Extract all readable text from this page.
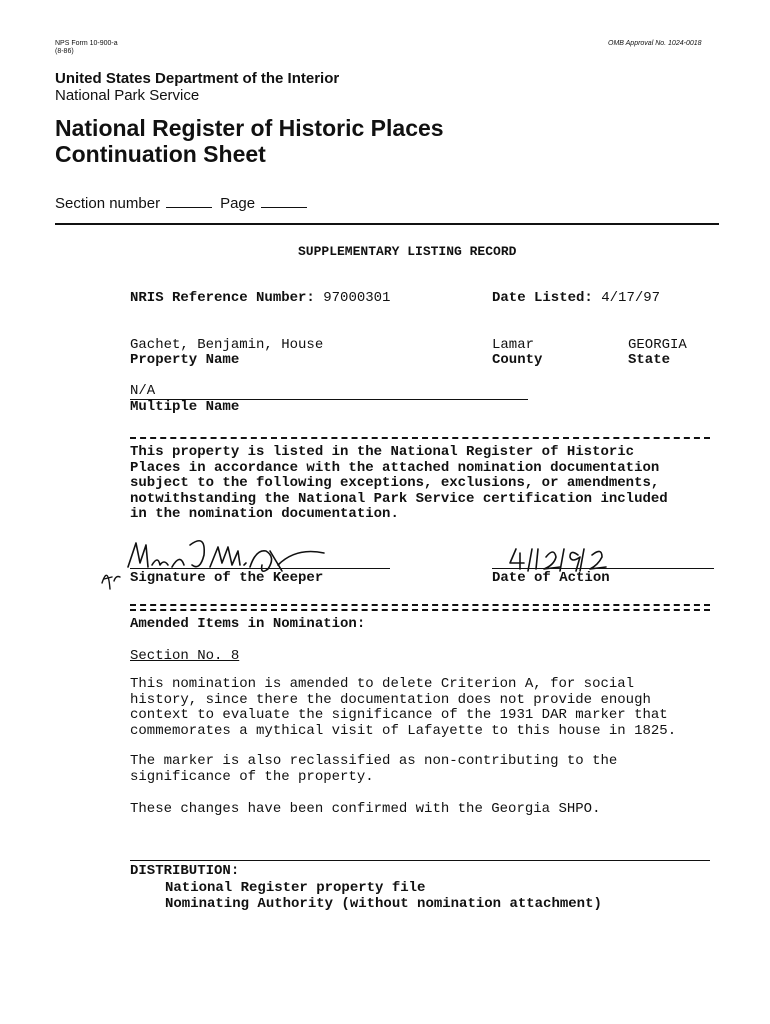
NPS Form 10-900-a
(8-86)
OMB Approval No. 1024-0018
United States Department of the Interior
National Park Service
National Register of Historic Places
Continuation Sheet
Section number	Page
SUPPLEMENTARY LISTING RECORD
NRIS Reference Number: 97000301	Date Listed: 4/17/97
Gachet, Benjamin, House
Property Name
Lamar
County
GEORGIA
State
N/A
Multiple Name
This property is listed in the National Register of Historic
Places in accordance with the attached nomination documentation
subject to the following exceptions, exclusions, or amendments,
notwithstanding the National Park Service certification included
in the nomination documentation.
Signature of the Keeper	Date of Action
Amended Items in Nomination:
Section No. 8
This nomination is amended to delete Criterion A, for social
history, since there the documentation does not provide enough
context to evaluate the significance of the 1931 DAR marker that
commemorates a mythical visit of Lafayette to this house in 1825.
The marker is also reclassified as non-contributing to the
significance of the property.
These changes have been confirmed with the Georgia SHPO.
DISTRIBUTION:
National Register property file
Nominating Authority (without nomination attachment)
